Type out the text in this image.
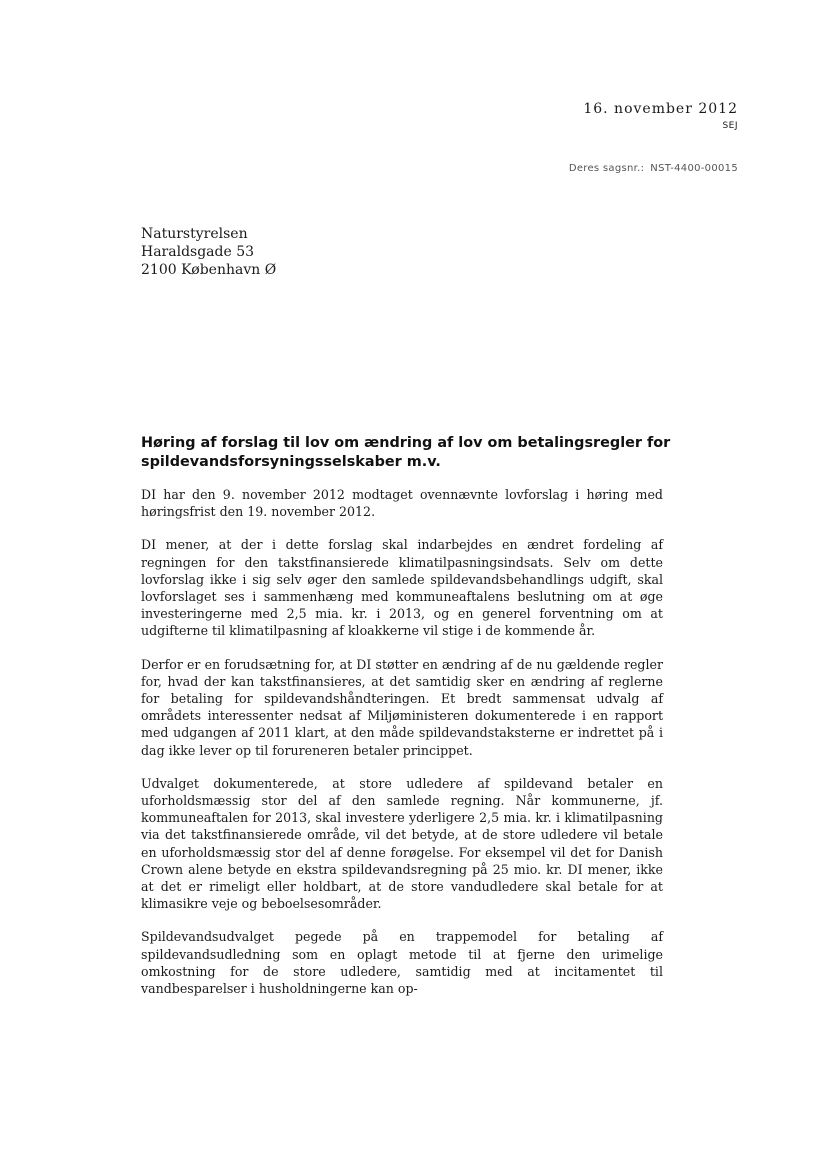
16. november 2012
SEJ
Deres sagsnr.: NST-4400-00015
Naturstyrelsen
Haraldsgade 53
2100 København Ø
Høring af forslag til lov om ændring af lov om betalingsregler for spildevandsforsyningsselskaber m.v.

DI har den 9. november 2012 modtaget ovennævnte lovforslag i høring med høringsfrist den 19. november 2012.

DI mener, at der i dette forslag skal indarbejdes en ændret fordeling af regningen for den takstfinansierede klimatilpasningsindsats. Selv om dette lovforslag ikke i sig selv øger den samlede spildevandsbehandlings udgift, skal lovforslaget ses i sammenhæng med kommuneaftalens beslutning om at øge investeringerne med 2,5 mia. kr. i 2013, og en generel forventning om at udgifterne til klimatilpasning af kloakkerne vil stige i de kommende år.

Derfor er en forudsætning for, at DI støtter en ændring af de nu gældende regler for, hvad der kan takstfinansieres, at det samtidig sker en ændring af reglerne for betaling for spildevandshåndteringen. Et bredt sammensat udvalg af områdets interessenter nedsat af Miljøministeren dokumenterede i en rapport med udgangen af 2011 klart, at den måde spildevandstaksterne er indrettet på i dag ikke lever op til forureneren betaler princippet.

Udvalget dokumenterede, at store udledere af spildevand betaler en uforholdsmæssig stor del af den samlede regning. Når kommunerne, jf. kommuneaftalen for 2013, skal investere yderligere 2,5 mia. kr. i klimatilpasning via det takstfinansierede område, vil det betyde, at de store udledere vil betale en uforholdsmæssig stor del af denne forøgelse. For eksempel vil det for Danish Crown alene betyde en ekstra spildevandsregning på 25 mio. kr. DI mener, ikke at det er rimeligt eller holdbart, at de store vandudledere skal betale for at klimasikre veje og beboelsesområder.

Spildevandsudvalget pegede på en trappemodel for betaling af spildevandsudledning som en oplagt metode til at fjerne den urimelige omkostning for de store udledere, samtidig med at incitamentet til vandbesparelser i husholdningerne kan op-
